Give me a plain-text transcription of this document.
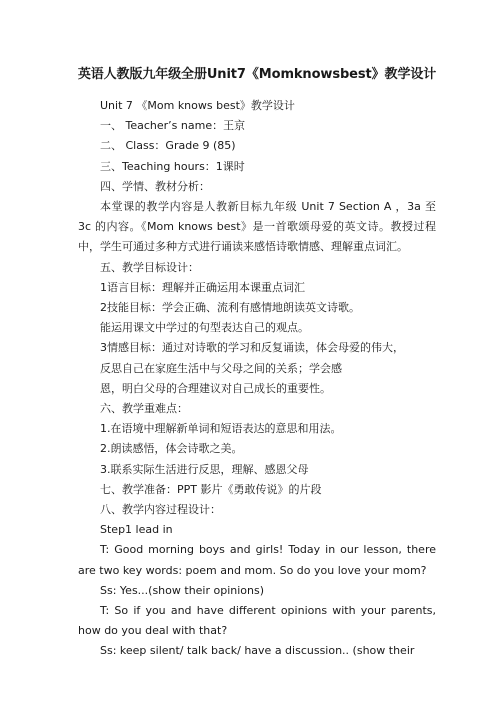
英语人教版九年级全册Unit7《Momknowsbest》教学设计
Unit 7 《Mom knows best》教学设计
一、 Teacher’s name：王京
二、 Class：Grade 9 (85)
三、Teaching hours：1课时
四、学情、教材分析：
本堂课的教学内容是人教新目标九年级 Unit 7 Section A ，3a 至 3c 的内容。《Mom knows best》是一首歌颂母爱的英文诗。教授过程中，学生可通过多种方式进行诵读来感悟诗歌情感、理解重点词汇。
五、教学目标设计：
1语言目标：理解并正确运用本课重点词汇
2技能目标：学会正确、流利有感情地朗读英文诗歌。
能运用课文中学过的句型表达自己的观点。
3情感目标：通过对诗歌的学习和反复诵读，体会母爱的伟大，
反思自己在家庭生活中与父母之间的关系；学会感
恩，明白父母的合理建议对自己成长的重要性。
六、教学重难点：
1.在语境中理解新单词和短语表达的意思和用法。
2.朗读感悟，体会诗歌之美。
3.联系实际生活进行反思，理解、感恩父母
七、教学准备：PPT 影片《勇敢传说》的片段
八、教学内容过程设计：
Step1 lead in
T: Good morning boys and girls! Today in our lesson, there are two key words: poem and mom. So do you love your mom?
Ss: Yes...(show their opinions)
T: So if you and have different opinions with your parents, how do you deal with that?
Ss: keep silent/ talk back/ have a discussion.. (show their
